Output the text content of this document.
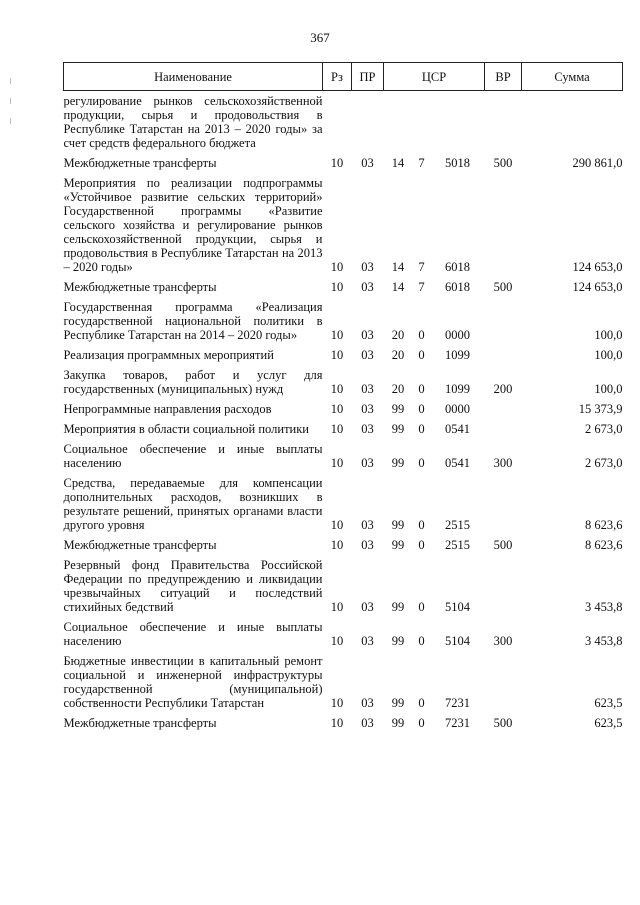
367
Наименование	Рз	ПР	ЦСР			ВР	Сумма
регулирование рынков сельскохозяйственной продукции, сырья и продовольствия в Республике Татарстан на 2013 – 2020 годы» за счет средств федерального бюджета							
Межбюджетные трансферты	10	03	14	7	5018	500	290 861,0
Мероприятия по реализации подпрограммы «Устойчивое развитие сельских территорий» Государственной программы «Развитие сельского хозяйства и регулирование рынков сельскохозяйственной продукции, сырья и продовольствия в Республике Татарстан на 2013 – 2020 годы»	10	03	14	7	6018		124 653,0
Межбюджетные трансферты	10	03	14	7	6018	500	124 653,0
Государственная программа «Реализация государственной национальной политики в Республике Татарстан на 2014 – 2020 годы»	10	03	20	0	0000		100,0
Реализация программных мероприятий	10	03	20	0	1099		100,0
Закупка товаров, работ и услуг для государственных (муниципальных) нужд	10	03	20	0	1099	200	100,0
Непрограммные направления расходов	10	03	99	0	0000		15 373,9
Мероприятия в области социальной политики	10	03	99	0	0541		2 673,0
Социальное обеспечение и иные выплаты населению	10	03	99	0	0541	300	2 673,0
Средства, передаваемые для компенсации дополнительных расходов, возникших в результате решений, принятых органами власти другого уровня	10	03	99	0	2515		8 623,6
Межбюджетные трансферты	10	03	99	0	2515	500	8 623,6
Резервный фонд Правительства Российской Федерации по предупреждению и ликвидации чрезвычайных ситуаций и последствий стихийных бедствий	10	03	99	0	5104		3 453,8
Социальное обеспечение и иные выплаты населению	10	03	99	0	5104	300	3 453,8
Бюджетные инвестиции в капитальный ремонт социальной и инженерной инфраструктуры государственной (муниципальной) собственности Республики Татарстан	10	03	99	0	7231		623,5
Межбюджетные трансферты	10	03	99	0	7231	500	623,5
